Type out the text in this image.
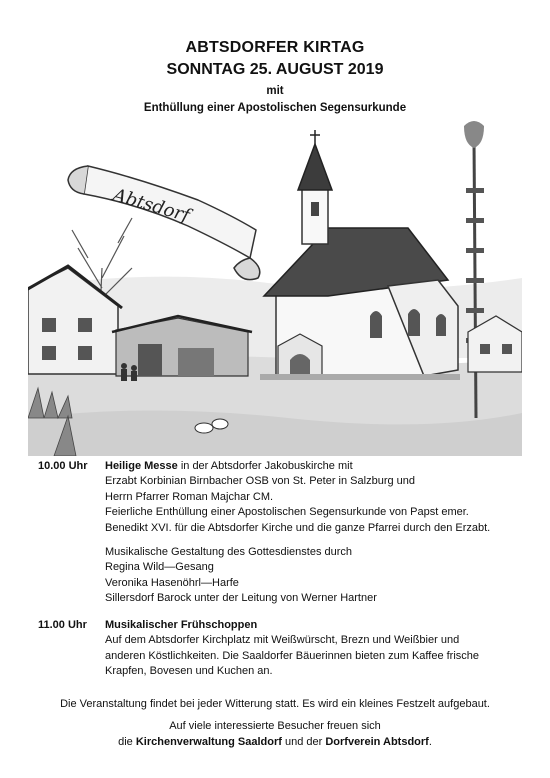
ABTSDORFER KIRTAG
SONNTAG 25. AUGUST 2019
mit
Enthüllung einer Apostolischen Segensurkunde
Abtsdorf
10.00 Uhr	Heilige Messe in der Abtsdorfer Jakobuskirche mit

Erzabt Korbinian Birnbacher OSB von St. Peter in Salzburg und

Herrn Pfarrer Roman Majchar CM.

Feierliche Enthüllung einer Apostolischen Segensurkunde von Papst emer.

Benedikt XVI. für die Abtsdorfer Kirche und die ganze Pfarrei durch den Erzabt.

Musikalische Gestaltung des Gottesdienstes durch

Regina Wild—Gesang

Veronika Hasenöhrl—Harfe

Sillersdorf Barock unter der Leitung von Werner Hartner

11.00 Uhr	Musikalischer Frühschoppen

Auf dem Abtsdorfer Kirchplatz mit Weißwürscht, Brezn und Weißbier und

anderen Köstlichkeiten. Die Saaldorfer Bäuerinnen bieten zum Kaffee frische

Krapfen, Bovesen und Kuchen an.

Die Veranstaltung findet bei jeder Witterung statt. Es wird ein kleines Festzelt aufgebaut.
Auf viele interessierte Besucher freuen sich
die Kirchenverwaltung Saaldorf und der Dorfverein Abtsdorf.
